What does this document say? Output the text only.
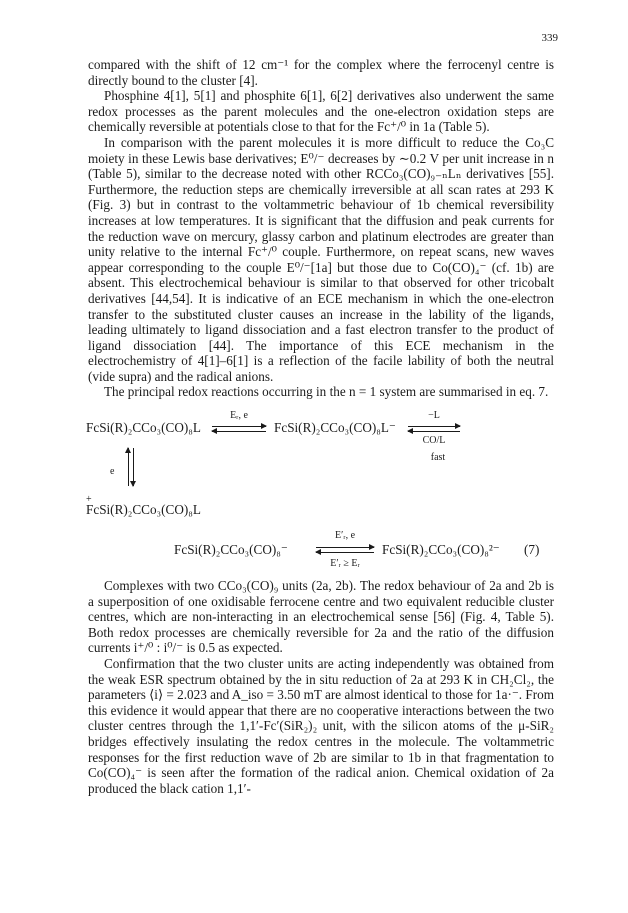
339

compared with the shift of 12 cm⁻¹ for the complex where the ferrocenyl centre is directly bound to the cluster [4].

Phosphine 4[1], 5[1] and phosphite 6[1], 6[2] derivatives also underwent the same redox processes as the parent molecules and the one-electron oxidation steps are chemically reversible at potentials close to that for the Fc⁺/⁰ in 1a (Table 5).

In comparison with the parent molecules it is more difficult to reduce the Co₃C moiety in these Lewis base derivatives; E⁰/⁻ decreases by ∼0.2 V per unit increase in n (Table 5), similar to the decrease noted with other RCCo₃(CO)₉₋ₙLₙ derivatives [55]. Furthermore, the reduction steps are chemically irreversible at all scan rates at 293 K (Fig. 3) but in contrast to the voltammetric behaviour of 1b chemical reversibility increases at low temperatures. It is significant that the diffusion and peak currents for the reduction wave on mercury, glassy carbon and platinum electrodes are greater than unity relative to the internal Fc⁺/⁰ couple. Furthermore, on repeat scans, new waves appear corresponding to the couple E⁰/⁻[1a] but those due to Co(CO)₄⁻ (cf. 1b) are absent. This electrochemical behaviour is similar to that observed for other tricobalt derivatives [44,54]. It is indicative of an ECE mechanism in which the one-electron transfer to the substituted cluster causes an increase in the lability of the ligands, leading ultimately to ligand dissociation and a fast electron transfer to the product of ligand dissociation [44]. The importance of this ECE mechanism in the electrochemistry of 4[1]–6[1] is a reflection of the facile lability of both the neutral (vide supra) and the radical anions.

The principal redox reactions occurring in the n = 1 system are summarised in eq. 7.

FcSi(R)₂CCo₃(CO)₈L
Eᵣ, e
FcSi(R)₂CCo₃(CO)₈L⁻
−L
CO/L
fast
e
+
FcSi(R)₂CCo₃(CO)₈L
FcSi(R)₂CCo₃(CO)₈⁻
E′ᵣ, e
E′ᵣ ≥ Eᵣ
FcSi(R)₂CCo₃(CO)₈²⁻ (7)

Complexes with two CCo₃(CO)₉ units (2a, 2b). The redox behaviour of 2a and 2b is a superposition of one oxidisable ferrocene centre and two equivalent reducible cluster centres, which are non-interacting in an electrochemical sense [56] (Fig. 4, Table 5). Both redox processes are chemically reversible for 2a and the ratio of the diffusion currents i⁺/⁰ : i⁰/⁻ is 0.5 as expected.

Confirmation that the two cluster units are acting independently was obtained from the weak ESR spectrum obtained by the in situ reduction of 2a at 293 K in CH₂Cl₂, the parameters ⟨i⟩ = 2.023 and A_iso = 3.50 mT are almost identical to those for 1a·⁻. From this evidence it would appear that there are no cooperative interactions between the two cluster centres through the 1,1′-Fc′(SiR₂)₂ unit, with the silicon atoms of the μ-SiR₂ bridges effectively insulating the redox centres in the molecule. The voltammetric responses for the first reduction wave of 2b are similar to 1b in that fragmentation to Co(CO)₄⁻ is seen after the formation of the radical anion. Chemical oxidation of 2a produced the black cation 1,1′-
